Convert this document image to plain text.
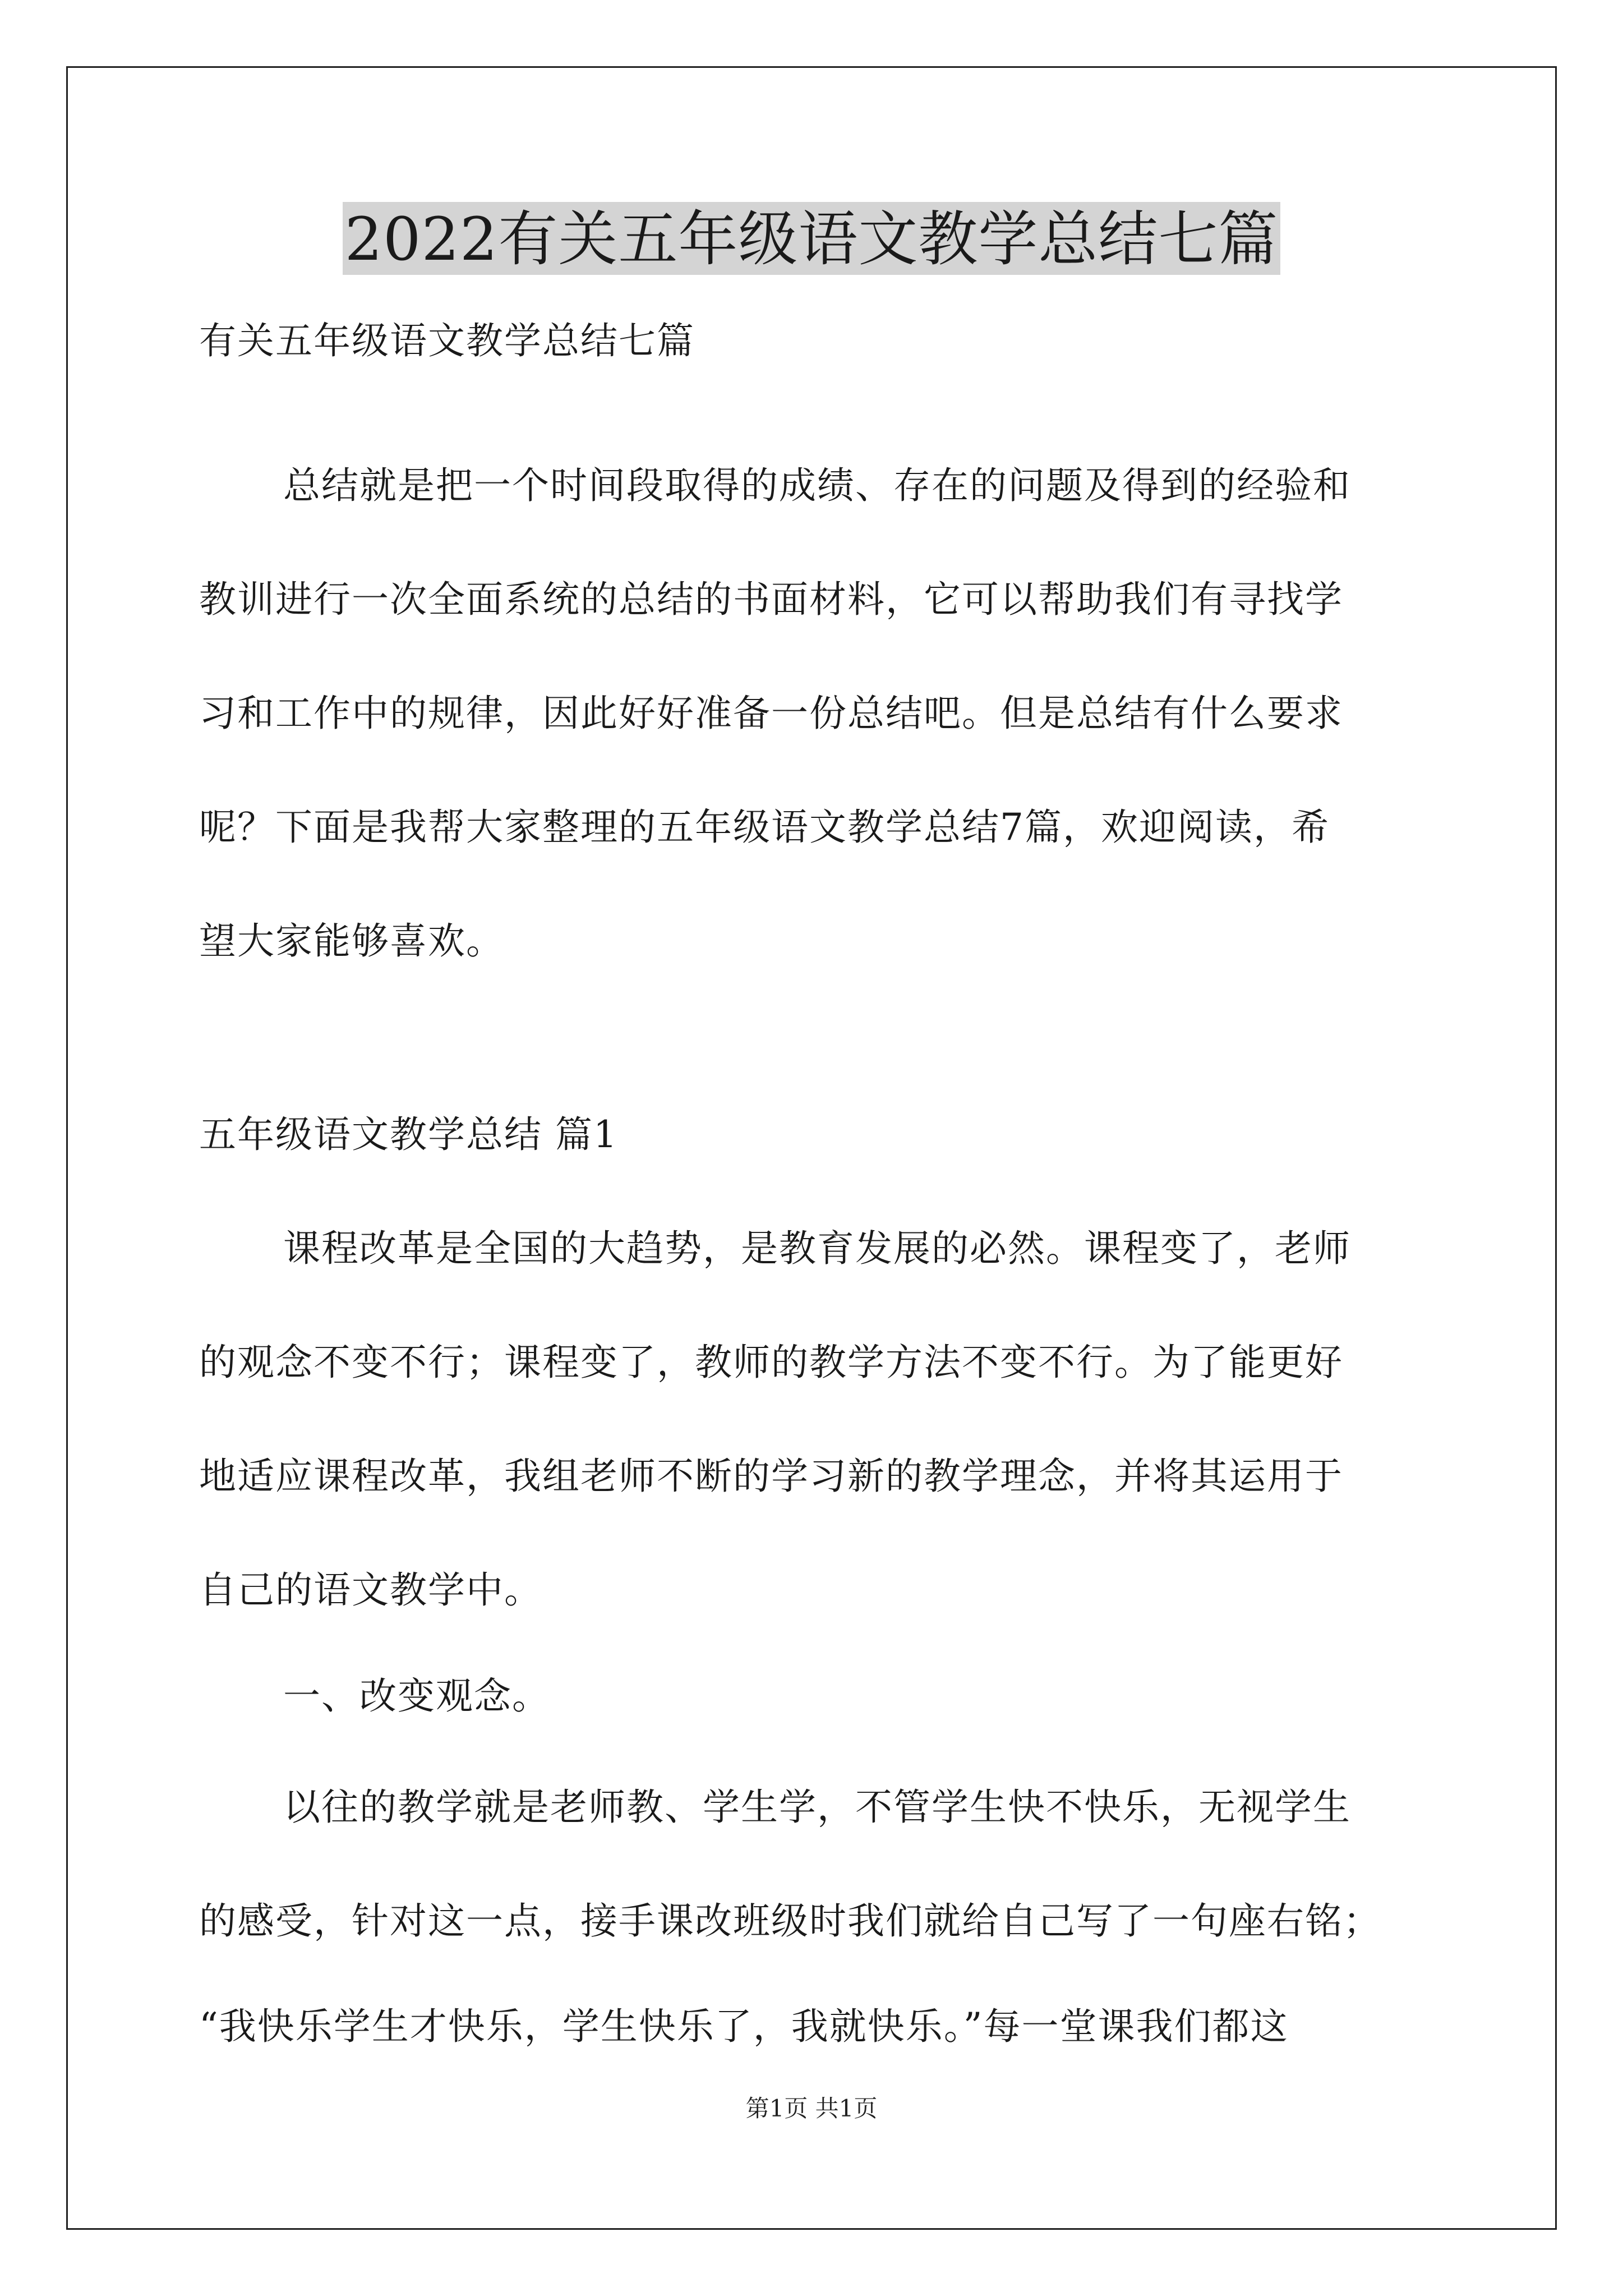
2022有关五年级语文教学总结七篇

有关五年级语文教学总结七篇

总结就是把一个时间段取得的成绩、存在的问题及得到的经验和

教训进行一次全面系统的总结的书面材料，它可以帮助我们有寻找学

习和工作中的规律，因此好好准备一份总结吧。但是总结有什么要求

呢？下面是我帮大家整理的五年级语文教学总结7篇，欢迎阅读，希

望大家能够喜欢。

五年级语文教学总结 篇1

课程改革是全国的大趋势，是教育发展的必然。课程变了，老师

的观念不变不行；课程变了，教师的教学方法不变不行。为了能更好

地适应课程改革，我组老师不断的学习新的教学理念，并将其运用于

自己的语文教学中。

一、改变观念。

以往的教学就是老师教、学生学，不管学生快不快乐，无视学生

的感受，针对这一点，接手课改班级时我们就给自己写了一句座右铭；

“我快乐学生才快乐，学生快乐了，我就快乐。”每一堂课我们都这

第1页 共1页
